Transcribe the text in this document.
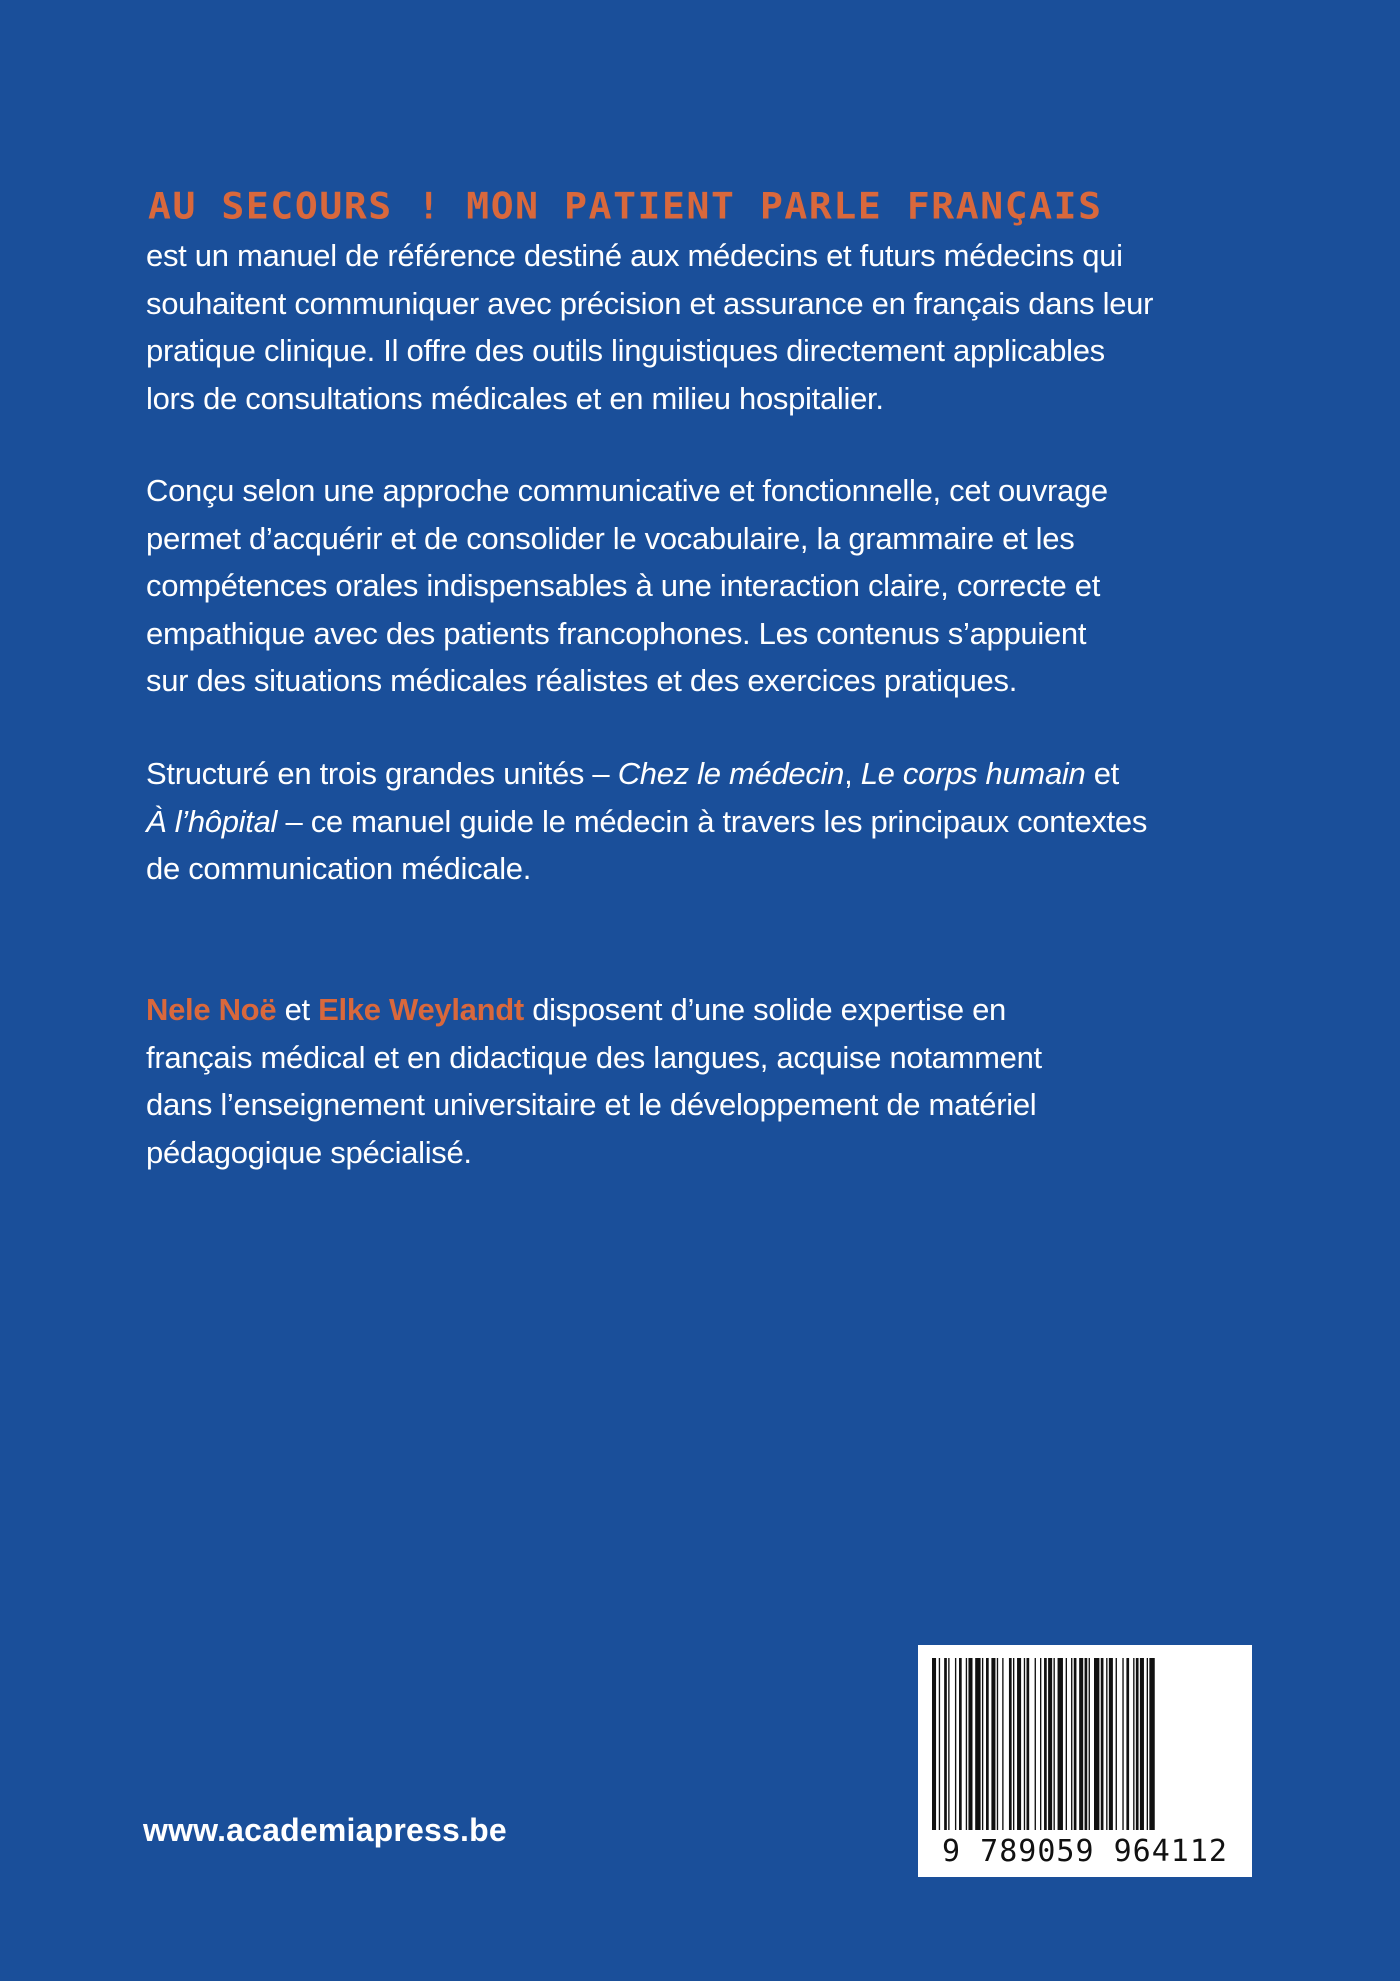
AU SECOURS ! MON PATIENT PARLE FRANÇAIS

est un manuel de référence destiné aux médecins et futurs médecins qui
souhaitent communiquer avec précision et assurance en français dans leur
pratique clinique. Il offre des outils linguistiques directement applicables
lors de consultations médicales et en milieu hospitalier.

Conçu selon une approche communicative et fonctionnelle, cet ouvrage
permet d’acquérir et de consolider le vocabulaire, la grammaire et les
compétences orales indispensables à une interaction claire, correcte et
empathique avec des patients francophones. Les contenus s’appuient
sur des situations médicales réalistes et des exercices pratiques.

Structuré en trois grandes unités – Chez le médecin, Le corps humain et
À l’hôpital – ce manuel guide le médecin à travers les principaux contextes
de communication médicale.

Nele Noë et Elke Weylandt disposent d’une solide expertise en
français médical et en didactique des langues, acquise notamment
dans l’enseignement universitaire et le développement de matériel
pédagogique spécialisé.

9 789059 964112
www.academiapress.be
